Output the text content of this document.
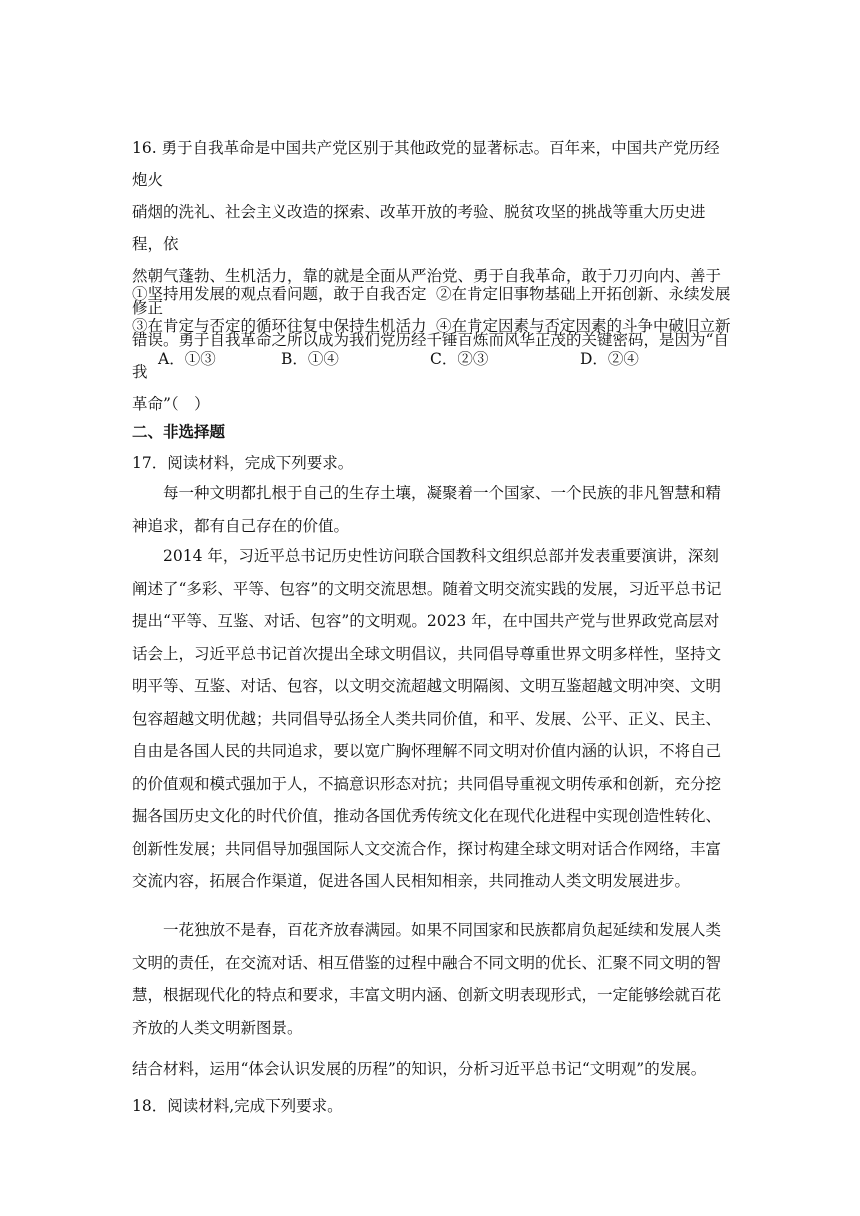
16. 勇于自我革命是中国共产党区别于其他政党的显著标志。百年来，中国共产党历经炮火
硝烟的洗礼、社会主义改造的探索、改革开放的考验、脱贫攻坚的挑战等重大历史进程，依
然朝气蓬勃、生机活力，靠的就是全面从严治党、勇于自我革命，敢于刀刃向内、善于修正
错误。勇于自我革命之所以成为我们党历经千锤百炼而风华正茂的关键密码，是因为“自我
革命”（　）

①坚持用发展的观点看问题，敢于自我否定 ②在肯定旧事物基础上开拓创新、永续发展
③在肯定与否定的循环往复中保持生机活力 ④在肯定因素与否定因素的斗争中破旧立新
A．①③	B．①④	C．②③	D．②④
二、非选择题
17．阅读材料，完成下列要求。

每一种文明都扎根于自己的生存土壤，凝聚着一个国家、一个民族的非凡智慧和精神追求，都有自己存在的价值。

2014 年，习近平总书记历史性访问联合国教科文组织总部并发表重要演讲，深刻阐述了“多彩、平等、包容”的文明交流思想。随着文明交流实践的发展，习近平总书记提出“平等、互鉴、对话、包容”的文明观。2023 年，在中国共产党与世界政党高层对话会上，习近平总书记首次提出全球文明倡议，共同倡导尊重世界文明多样性，坚持文明平等、互鉴、对话、包容，以文明交流超越文明隔阂、文明互鉴超越文明冲突、文明包容超越文明优越；共同倡导弘扬全人类共同价值，和平、发展、公平、正义、民主、自由是各国人民的共同追求，要以宽广胸怀理解不同文明对价值内涵的认识，不将自己的价值观和模式强加于人，不搞意识形态对抗；共同倡导重视文明传承和创新，充分挖掘各国历史文化的时代价值，推动各国优秀传统文化在现代化进程中实现创造性转化、创新性发展；共同倡导加强国际人文交流合作，探讨构建全球文明对话合作网络，丰富交流内容，拓展合作渠道，促进各国人民相知相亲，共同推动人类文明发展进步。

一花独放不是春，百花齐放春满园。如果不同国家和民族都肩负起延续和发展人类文明的责任，在交流对话、相互借鉴的过程中融合不同文明的优长、汇聚不同文明的智慧，根据现代化的特点和要求，丰富文明内涵、创新文明表现形式，一定能够绘就百花齐放的人类文明新图景。

结合材料，运用“体会认识发展的历程”的知识，分析习近平总书记“文明观”的发展。
18．阅读材料,完成下列要求。
